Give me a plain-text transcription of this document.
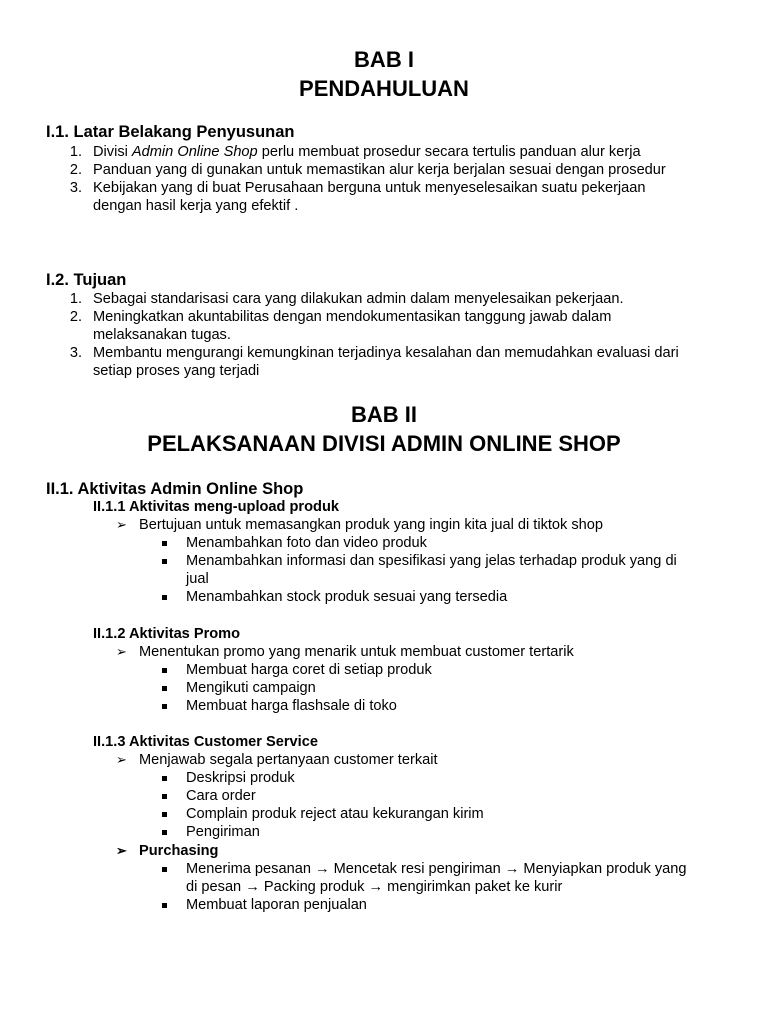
BAB I
PENDAHULUAN
I.1. Latar Belakang Penyusunan
1. Divisi Admin Online Shop perlu membuat prosedur secara tertulis panduan alur kerja

2. Panduan yang di gunakan untuk memastikan alur kerja berjalan sesuai dengan prosedur

3. Kebijakan yang di buat Perusahaan berguna untuk menyeselesaikan suatu pekerjaan

dengan hasil kerja yang efektif .

I.2. Tujuan
1. Sebagai standarisasi cara yang dilakukan admin dalam menyelesaikan pekerjaan.

2. Meningkatkan akuntabilitas dengan mendokumentasikan tanggung jawab dalam

melaksanakan tugas.

3. Membantu mengurangi kemungkinan terjadinya kesalahan dan memudahkan evaluasi dari

setiap proses yang terjadi

BAB II
PELAKSANAAN DIVISI ADMIN ONLINE SHOP
II.1. Aktivitas Admin Online Shop
II.1.1 Aktivitas meng-upload produk
➢ Bertujuan untuk memasangkan produk yang ingin kita jual di tiktok shop

Menambahkan foto dan video produk

Menambahkan informasi dan spesifikasi yang jelas terhadap produk yang di

jual

Menambahkan stock produk sesuai yang tersedia

II.1.2 Aktivitas Promo
➢ Menentukan promo yang menarik untuk membuat customer tertarik

Membuat harga coret di setiap produk

Mengikuti campaign

Membuat harga flashsale di toko

II.1.3 Aktivitas Customer Service
➢ Menjawab segala pertanyaan customer terkait

Deskripsi produk

Cara order

Complain produk reject atau kekurangan kirim

Pengiriman

➢ Purchasing

Menerima pesanan → Mencetak resi pengiriman → Menyiapkan produk yang

di pesan → Packing produk → mengirimkan paket ke kurir

Membuat laporan penjualan
